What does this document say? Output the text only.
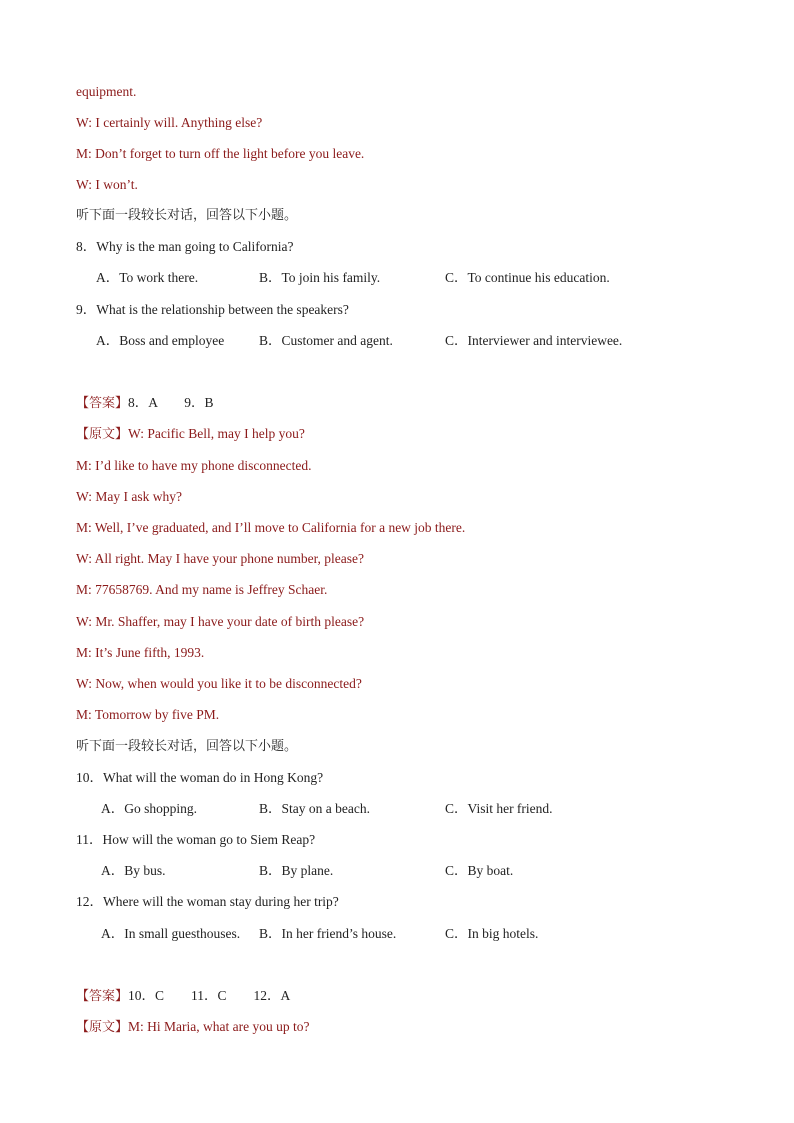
equipment.
W: I certainly will. Anything else?
M: Don’t forget to turn off the light before you leave.
W: I won’t.
听下面一段较长对话，回答以下小题。
8．Why is the man going to California?
A．To work there.	B．To join his family.	C．To continue his education.
9．What is the relationship between the speakers?
A．Boss and employee	B．Customer and agent.	C．Interviewer and interviewee.
【答案】8．A        9．B
【原文】W: Pacific Bell, may I help you?
M: I’d like to have my phone disconnected.
W: May I ask why?
M: Well, I’ve graduated, and I’ll move to California for a new job there.
W: All right. May I have your phone number, please?
M: 77658769. And my name is Jeffrey Schaer.
W: Mr. Shaffer, may I have your date of birth please?
M: It’s June fifth, 1993.
W: Now, when would you like it to be disconnected?
M: Tomorrow by five PM.
听下面一段较长对话，回答以下小题。
10．What will the woman do in Hong Kong?
A．Go shopping.	B．Stay on a beach.	C．Visit her friend.
11．How will the woman go to Siem Reap?
A．By bus.	B．By plane.	C．By boat.
12．Where will the woman stay during her trip?
A．In small guesthouses. B．In her friend’s house.	C．In big hotels.
【答案】10．C        11．C        12．A
【原文】M: Hi Maria, what are you up to?
